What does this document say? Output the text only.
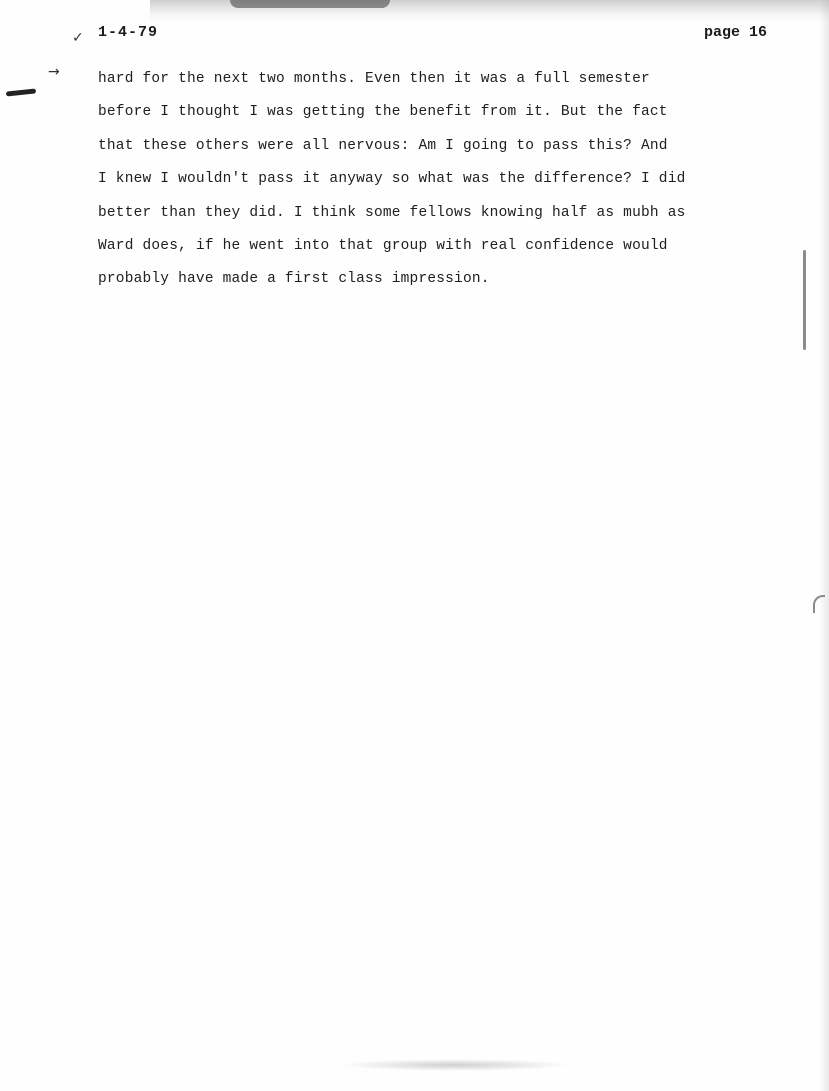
✓
→
1-4-79	page 16
hard for the next two months. Even then it was a full semester
before I thought I was getting the benefit from it. But the fact
that these others were all nervous: Am I going to pass this? And
I knew I wouldn't pass it anyway so what was the difference? I did
better than they did. I think some fellows knowing half as mubh as
Ward does, if he went into that group with real confidence would
probably have made a first class impression.
